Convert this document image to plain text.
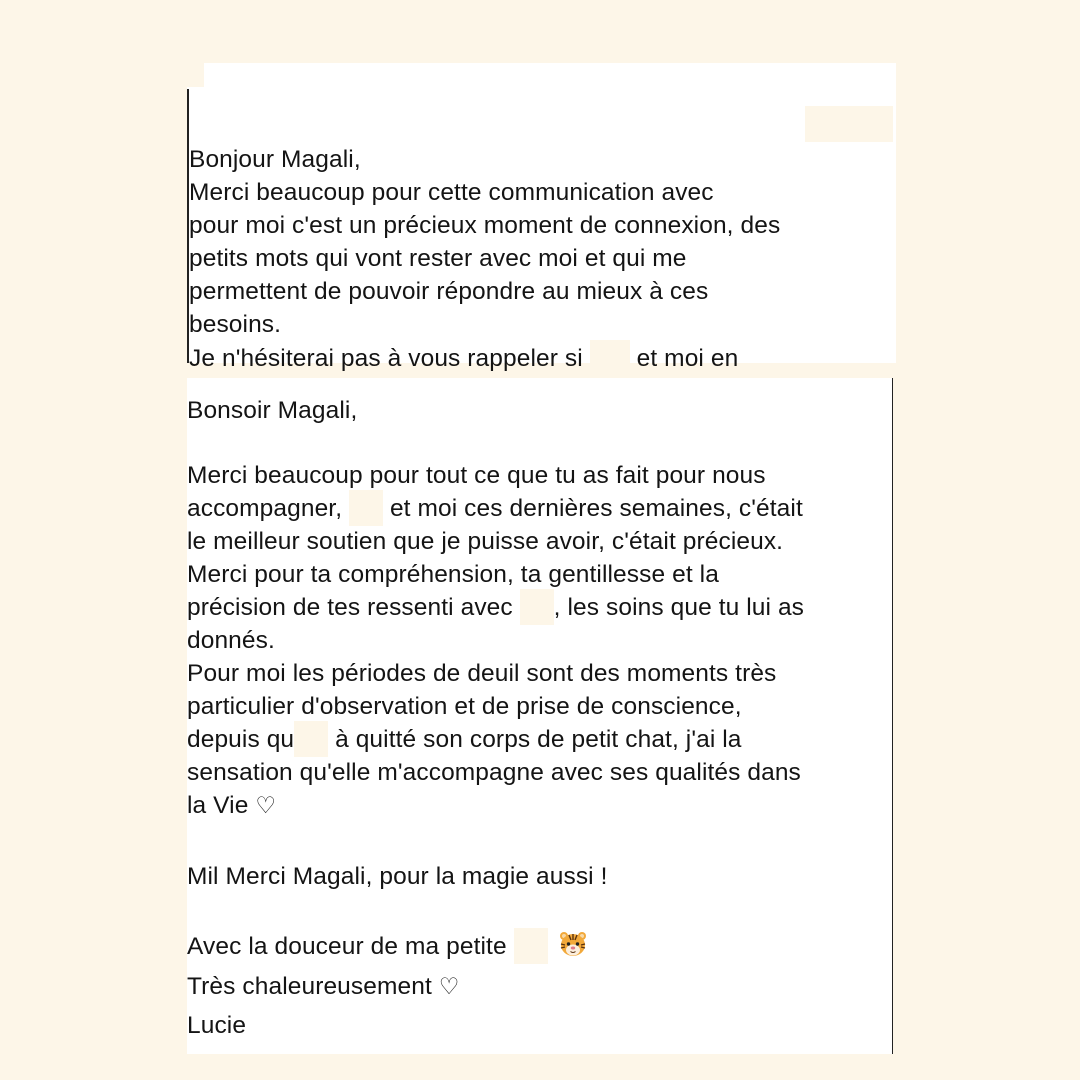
Bonjour Magali,
Merci beaucoup pour cette communication avec
pour moi c'est un précieux moment de connexion, des
petits mots qui vont rester avec moi et qui me
permettent de pouvoir répondre au mieux à ces
besoins.
Je n'hésiterai pas à vous rappeler si et moi en
Bonsoir Magali,
Merci beaucoup pour tout ce que tu as fait pour nous
accompagner, et moi ces dernières semaines, c'était
le meilleur soutien que je puisse avoir, c'était précieux.
Merci pour ta compréhension, ta gentillesse et la
précision de tes ressenti avec , les soins que tu lui as
donnés.
Pour moi les périodes de deuil sont des moments très
particulier d'observation et de prise de conscience,
depuis qu à quitté son corps de petit chat, j'ai la
sensation qu'elle m'accompagne avec ses qualités dans
la Vie ♡
Mil Merci Magali, pour la magie aussi !
Avec la douceur de ma petite
Très chaleureusement ♡
Lucie
